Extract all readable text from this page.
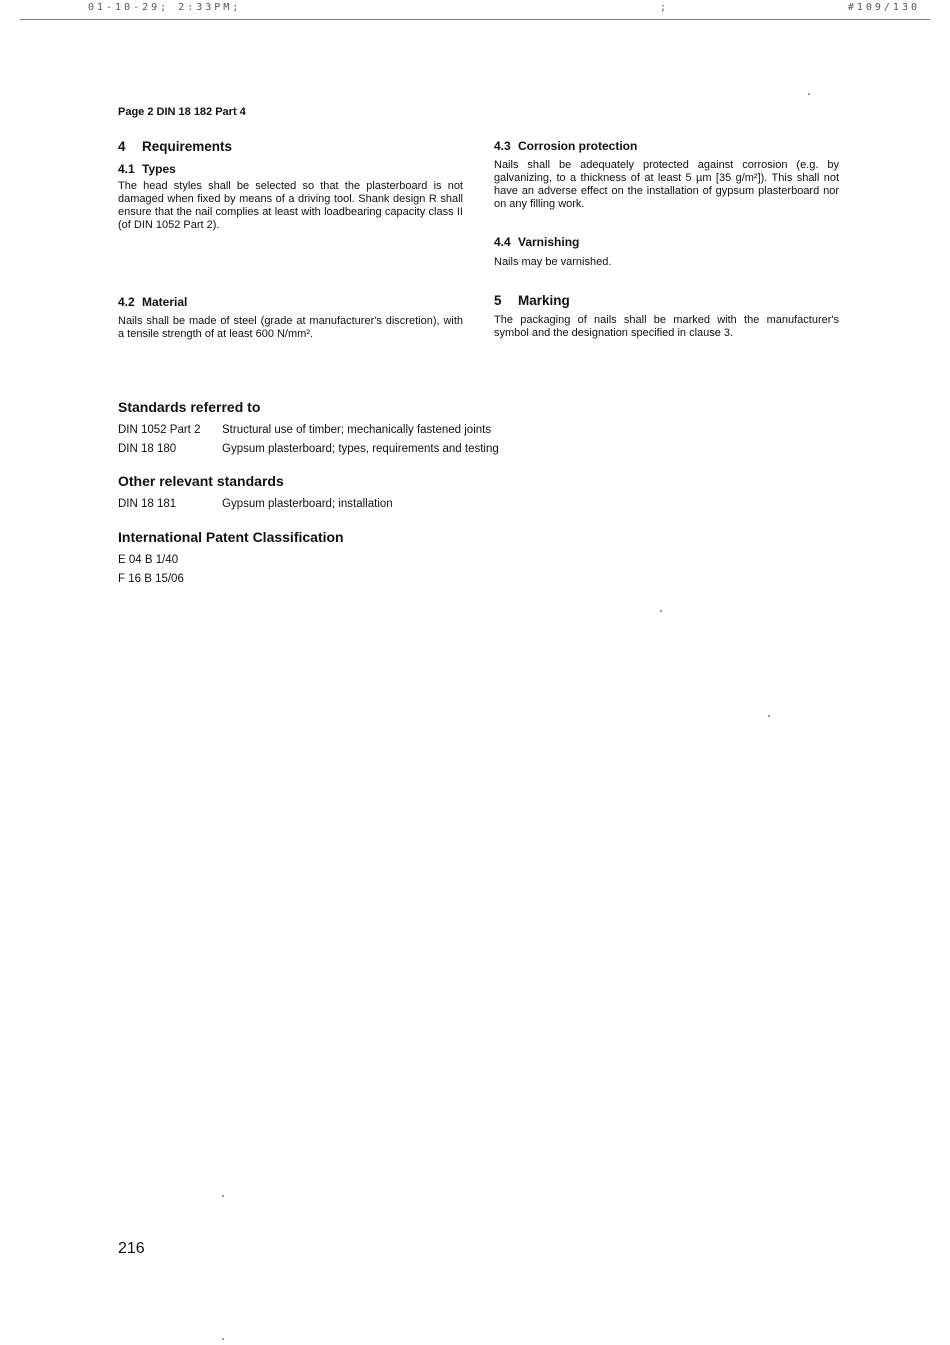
01-10-29; 2:33PM;	;	#109/130
Page 2 DIN 18 182 Part 4
4 Requirements
4.1 Types

The head styles shall be selected so that the plasterboard is not damaged when fixed by means of a driving tool. Shank design R shall ensure that the nail complies at least with loadbearing capacity class II (of DIN 1052 Part 2).

4.2 Material

Nails shall be made of steel (grade at manufacturer's discretion), with a tensile strength of at least 600 N/mm².

4.3 Corrosion protection

Nails shall be adequately protected against corrosion (e.g. by galvanizing, to a thickness of at least 5 µm [35 g/m²]). This shall not have an adverse effect on the installation of gypsum plasterboard nor on any filling work.

4.4 Varnishing

Nails may be varnished.

5 Marking

The packaging of nails shall be marked with the manufacturer's symbol and the designation specified in clause 3.

Standards referred to
DIN 1052 Part 2	Structural use of timber; mechanically fastened joints
DIN 18 180	Gypsum plasterboard; types, requirements and testing
Other relevant standards
DIN 18 181	Gypsum plasterboard; installation
International Patent Classification
E 04 B 1/40
F 16 B 15/06
216
